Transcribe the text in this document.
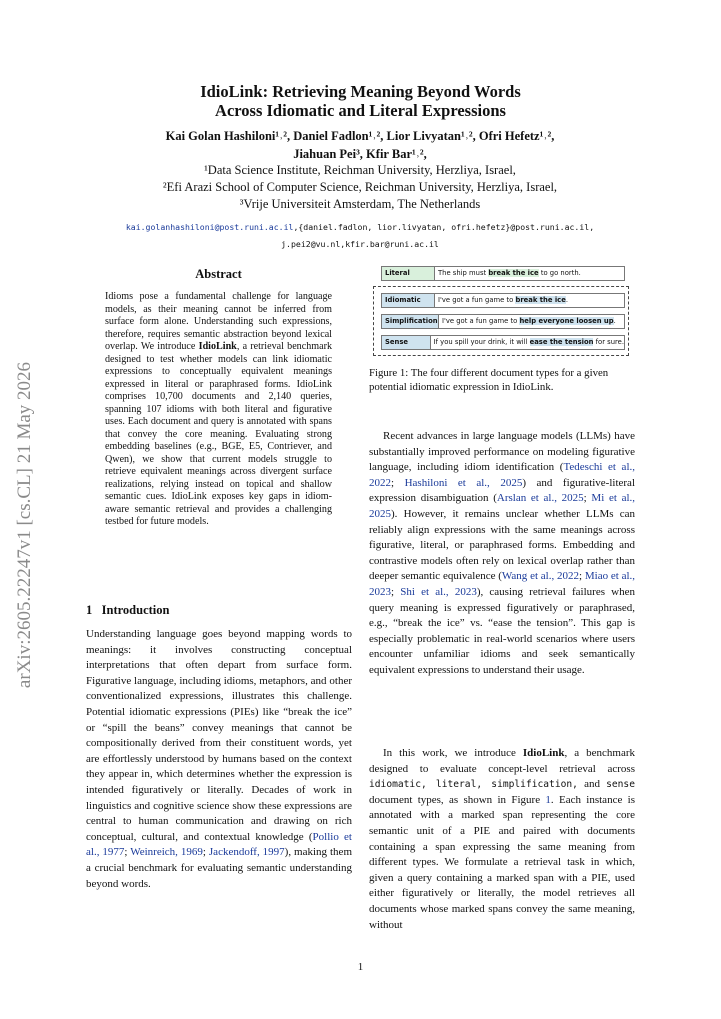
IdioLink: Retrieving Meaning Beyond Words
Across Idiomatic and Literal Expressions
Kai Golan Hashiloni¹˒², Daniel Fadlon¹˒², Lior Livyatan¹˒², Ofri Hefetz¹˒²,
Jiahuan Pei³, Kfir Bar¹˒²,
¹Data Science Institute, Reichman University, Herzliya, Israel,
²Efi Arazi School of Computer Science, Reichman University, Herzliya, Israel,
³Vrije Universiteit Amsterdam, The Netherlands
kai.golanhashiloni@post.runi.ac.il,{daniel.fadlon, lior.livyatan, ofri.hefetz}@post.runi.ac.il,
j.pei2@vu.nl,kfir.bar@runi.ac.il
arXiv:2605.22247v1 [cs.CL] 21 May 2026
Abstract
Idioms pose a fundamental challenge for language models, as their meaning cannot be inferred from surface form alone. Understanding such expressions, therefore, requires semantic abstraction beyond lexical overlap. We introduce IdioLink, a retrieval benchmark designed to test whether models can link idiomatic expressions to conceptually equivalent meanings expressed in literal or paraphrased forms. IdioLink comprises 10,700 documents and 2,140 queries, spanning 107 idioms with both literal and figurative uses. Each document and query is annotated with spans that convey the core meaning. Evaluating strong embedding baselines (e.g., BGE, E5, Contriever, and Qwen), we show that current models struggle to retrieve equivalent meanings across divergent surface realizations, relying instead on topical and shallow semantic cues. IdioLink exposes key gaps in idiom-aware semantic retrieval and provides a challenging testbed for future models.
1 Introduction
Understanding language goes beyond mapping words to meanings: it involves constructing conceptual interpretations that often depart from surface form. Figurative language, including idioms, metaphors, and other conventionalized expressions, illustrates this challenge. Potential idiomatic expressions (PIEs) like “break the ice” or “spill the beans” convey meanings that cannot be compositionally derived from their constituent words, yet are effortlessly understood by humans based on the context they appear in, which determines whether the expression is intended figuratively or literally. Decades of work in linguistics and cognitive science show these expressions are central to human communication and drawing on rich conceptual, cultural, and contextual knowledge (Pollio et al., 1977; Weinreich, 1969; Jackendoff, 1997), making them a crucial benchmark for evaluating semantic understanding beyond words.
Literal	The ship must break the ice to go north.
Idiomatic	I've got a fun game to break the ice.
Simplification I've got a fun game to help everyone loosen up.
Sense	If you spill your drink, it will ease the tension for sure.
Figure 1: The four different document types for a given potential idiomatic expression in IdioLink.
Recent advances in large language models (LLMs) have substantially improved performance on modeling figurative language, including idiom identification (Tedeschi et al., 2022; Hashiloni et al., 2025) and figurative-literal expression disambiguation (Arslan et al., 2025; Mi et al., 2025). However, it remains unclear whether LLMs can reliably align expressions with the same meanings across figurative, literal, or paraphrased forms. Embedding and contrastive models often rely on lexical overlap rather than deeper semantic equivalence (Wang et al., 2022; Miao et al., 2023; Shi et al., 2023), causing retrieval failures when query meaning is expressed figuratively or paraphrased, e.g., “break the ice” vs. “ease the tension”. This gap is especially problematic in real-world scenarios where users encounter unfamiliar idioms and seek semantically equivalent expressions to understand their usage.
In this work, we introduce IdioLink, a benchmark designed to evaluate concept-level retrieval across idiomatic, literal, simplification, and sense document types, as shown in Figure 1. Each instance is annotated with a marked span representing the core semantic unit of a PIE and paired with documents containing a span expressing the same meaning from different types. We formulate a retrieval task in which, given a query containing a marked span with a PIE, used either figuratively or literally, the model retrieves all documents whose marked spans convey the same meaning, without
1
